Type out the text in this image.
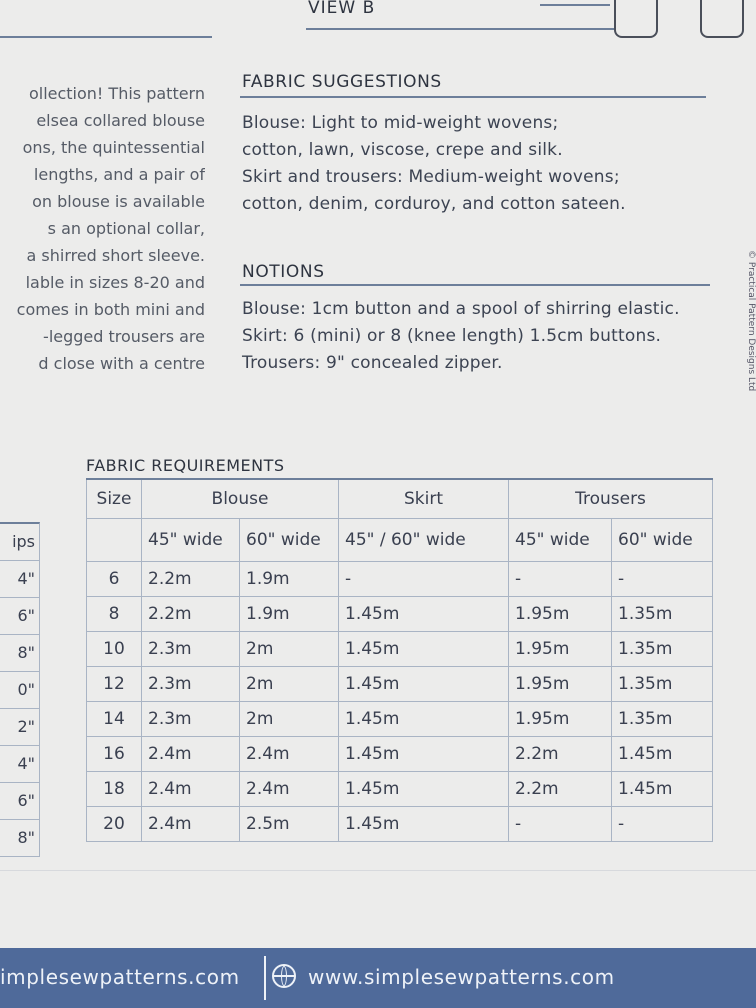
VIEW B
ollection! This pattern
elsea collared blouse
ons, the quintessential
lengths, and a pair of
on blouse is available
s an optional collar,
a shirred short sleeve.
lable in sizes 8-20 and
comes in both mini and
-legged trousers are
d close with a centre
FABRIC SUGGESTIONS
Blouse: Light to mid-weight wovens;
cotton, lawn, viscose, crepe and silk.
Skirt and trousers: Medium-weight wovens;
cotton, denim, corduroy, and cotton sateen.
NOTIONS
Blouse: 1cm button and a spool of shirring elastic.
Skirt: 6 (mini) or 8 (knee length) 1.5cm buttons.
Trousers: 9" concealed zipper.	© Practical Pattern Designs Ltd
ips
4"
6"
8"
0"
2"
4"
6"
8"
FABRIC REQUIREMENTS
Size	Blouse		Skirt	Trousers	
	45" wide	60" wide	45" / 60" wide	45" wide	60" wide
6	2.2m	1.9m	-	-	-
8	2.2m	1.9m	1.45m	1.95m	1.35m
10	2.3m	2m	1.45m	1.95m	1.35m
12	2.3m	2m	1.45m	1.95m	1.35m
14	2.3m	2m	1.45m	1.95m	1.35m
16	2.4m	2.4m	1.45m	2.2m	1.45m
18	2.4m	2.4m	1.45m	2.2m	1.45m
20	2.4m	2.5m	1.45m	-	-
implesewpatterns.com	www.simplesewpatterns.com
